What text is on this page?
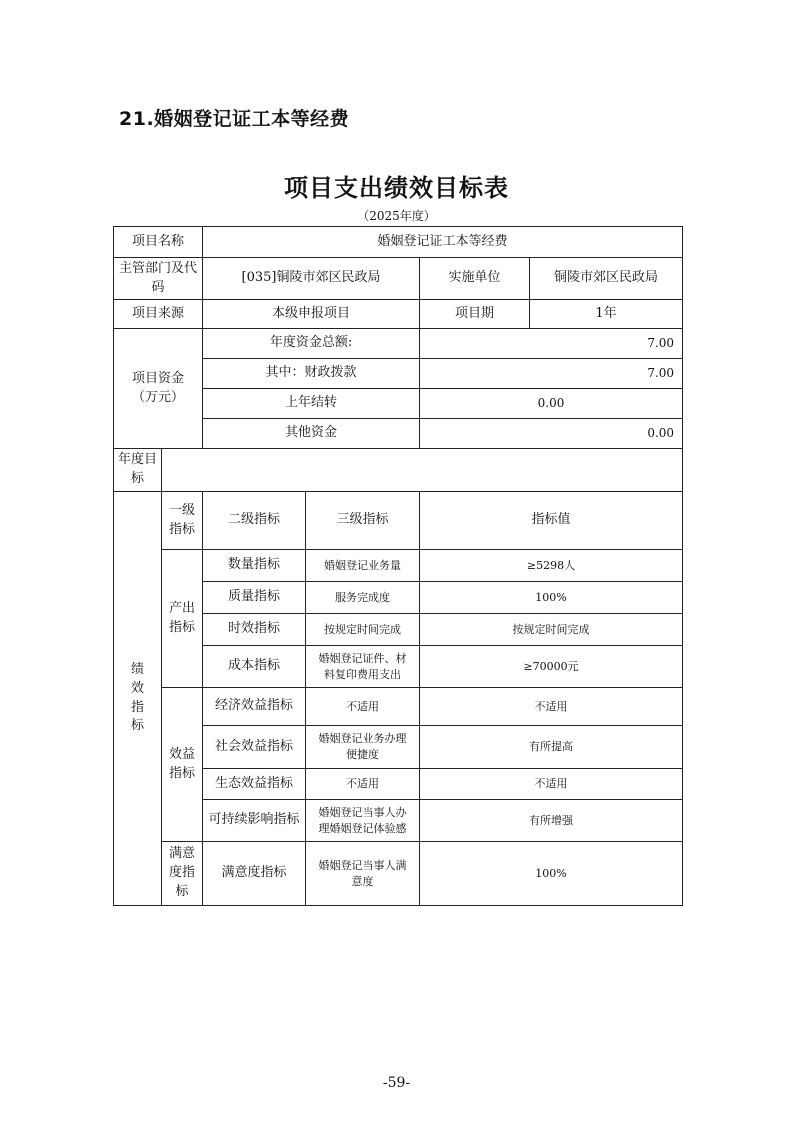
21.婚姻登记证工本等经费
项目支出绩效目标表
（2025年度）
项目名称		婚姻登记证工本等经费			
主管部门及代码		[035]铜陵市郊区民政局		实施单位	铜陵市郊区民政局
项目来源		本级申报项目		项目期	1年
项目资金（万元）		年度资金总额:		7.00	
		其中：财政拨款		7.00	
		上年结转		0.00	
		其他资金		0.00	
年度目标					
绩效指标	一级指标	二级指标	三级指标	指标值	
	产出指标	数量指标	婚姻登记业务量	≥5298人	
		质量指标	服务完成度	100%	
		时效指标	按规定时间完成	按规定时间完成	
		成本指标	婚姻登记证件、材料复印费用支出	≥70000元	
	效益指标	经济效益指标	不适用	不适用	
		社会效益指标	婚姻登记业务办理便捷度	有所提高	
		生态效益指标	不适用	不适用	
		可持续影响指标	婚姻登记当事人办理婚姻登记体验感	有所增强	
	满意度指标	满意度指标	婚姻登记当事人满意度	100%	
-59-
